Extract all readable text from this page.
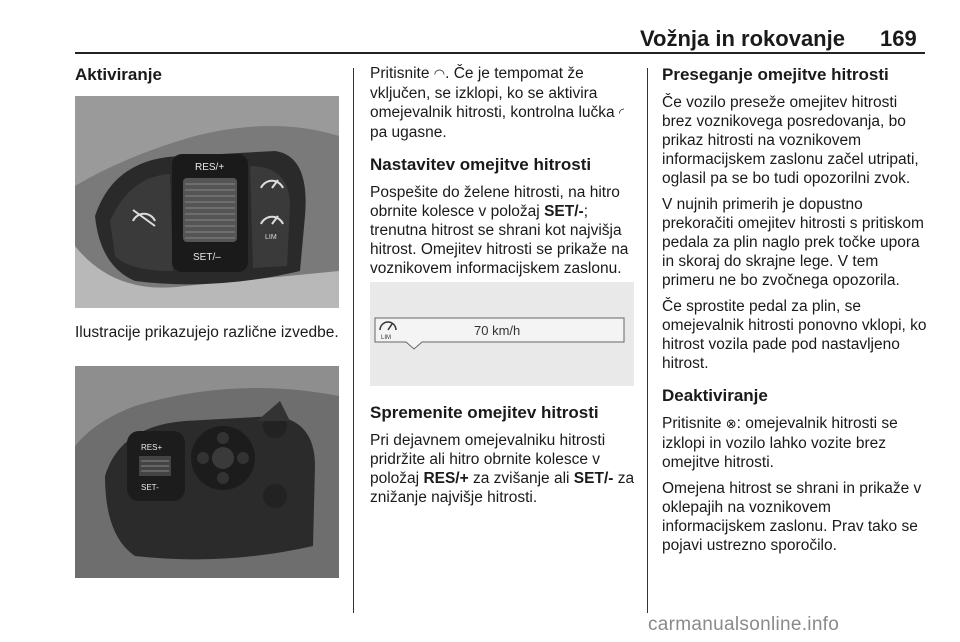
Vožnja in rokovanje 169
Aktiviranje
RES/+
SET/–
LIM

Ilustracije prikazujejo različne izvedbe.

RES+
SET-

Pritisnite ◠. Če je tempomat že vključen, se izklopi, ko se aktivira omejevalnik hitrosti, kontrolna lučka ◜ pa ugasne.

Nastavitev omejitve hitrosti

Pospešite do želene hitrosti, na hitro obrnite kolesce v položaj SET/-; trenutna hitrost se shrani kot najvišja hitrost. Omejitev hitrosti se prikaže na voznikovem informacijskem zaslonu.

LIM	70 km/h
Spremenite omejitev hitrosti

Pri dejavnem omejevalniku hitrosti pridržite ali hitro obrnite kolesce v položaj RES/+ za zvišanje ali SET/- za znižanje najvišje hitrosti.

Preseganje omejitve hitrosti

Če vozilo preseže omejitev hitrosti brez voznikovega posredovanja, bo prikaz hitrosti na voznikovem informacijskem zaslonu začel utripati, oglasil pa se bo tudi opozorilni zvok.

V nujnih primerih je dopustno prekoračiti omejitev hitrosti s pritiskom pedala za plin naglo prek točke upora in skoraj do skrajne lege. V tem primeru ne bo zvočnega opozorila.

Če sprostite pedal za plin, se omejevalnik hitrosti ponovno vklopi, ko hitrost vozila pade pod nastavljeno hitrost.

Deaktiviranje

Pritisnite ⊗: omejevalnik hitrosti se izklopi in vozilo lahko vozite brez omejitve hitrosti.

Omejena hitrost se shrani in prikaže v oklepajih na voznikovem informacijskem zaslonu. Prav tako se pojavi ustrezno sporočilo.

carmanualsonline.info
